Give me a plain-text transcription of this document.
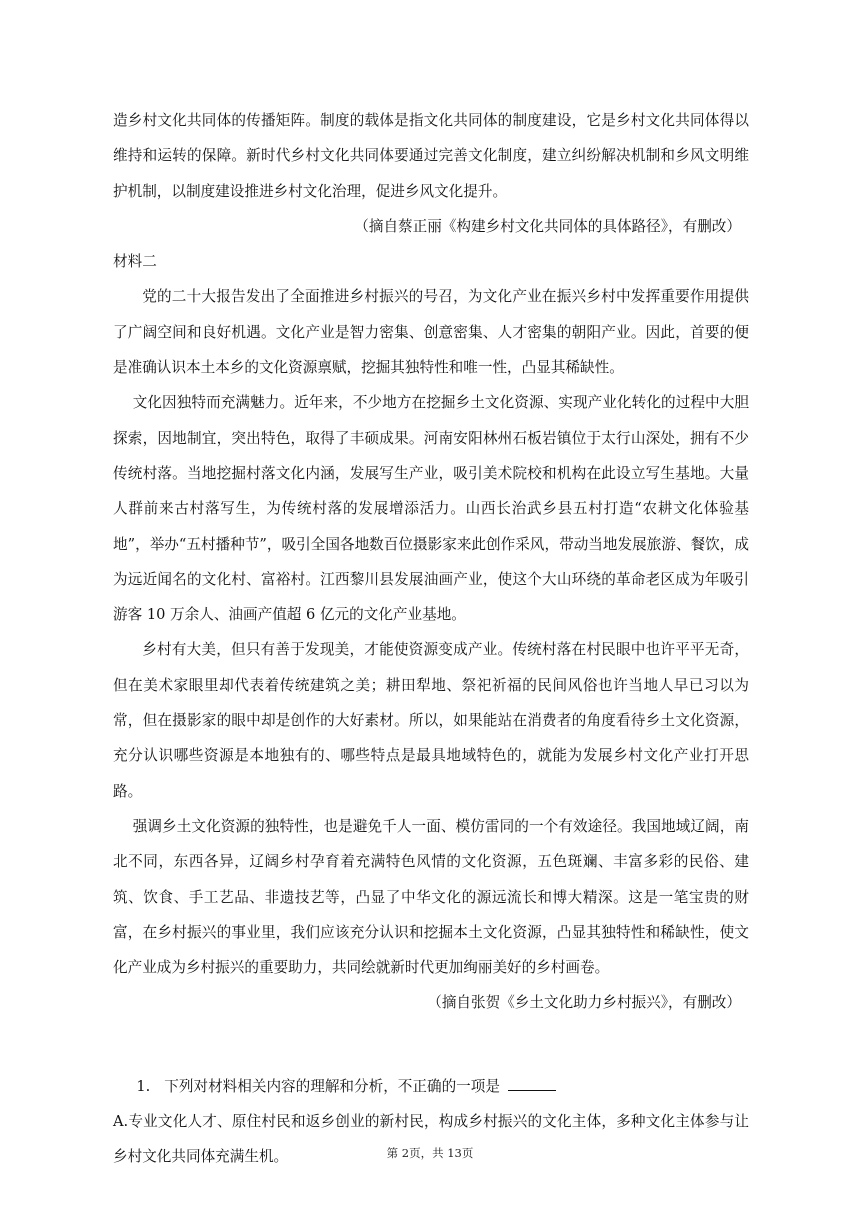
造乡村文化共同体的传播矩阵。制度的载体是指文化共同体的制度建设，它是乡村文化共同体得以维持和运转的保障。新时代乡村文化共同体要通过完善文化制度，建立纠纷解决机制和乡风文明维护机制，以制度建设推进乡村文化治理，促进乡风文化提升。

（摘自蔡正丽《构建乡村文化共同体的具体路径》，有删改）

材料二

党的二十大报告发出了全面推进乡村振兴的号召，为文化产业在振兴乡村中发挥重要作用提供了广阔空间和良好机遇。文化产业是智力密集、创意密集、人才密集的朝阳产业。因此，首要的便是准确认识本土本乡的文化资源禀赋，挖掘其独特性和唯一性，凸显其稀缺性。

文化因独特而充满魅力。近年来，不少地方在挖掘乡土文化资源、实现产业化转化的过程中大胆探索，因地制宜，突出特色，取得了丰硕成果。河南安阳林州石板岩镇位于太行山深处，拥有不少传统村落。当地挖掘村落文化内涵，发展写生产业，吸引美术院校和机构在此设立写生基地。大量人群前来古村落写生，为传统村落的发展增添活力。山西长治武乡县五村打造“农耕文化体验基地”，举办“五村播种节”，吸引全国各地数百位摄影家来此创作采风，带动当地发展旅游、餐饮，成为远近闻名的文化村、富裕村。江西黎川县发展油画产业，使这个大山环绕的革命老区成为年吸引游客 10 万余人、油画产值超 6 亿元的文化产业基地。

乡村有大美，但只有善于发现美，才能使资源变成产业。传统村落在村民眼中也许平平无奇，但在美术家眼里却代表着传统建筑之美；耕田犁地、祭祀祈福的民间风俗也许当地人早已习以为常，但在摄影家的眼中却是创作的大好素材。所以，如果能站在消费者的角度看待乡土文化资源，充分认识哪些资源是本地独有的、哪些特点是最具地域特色的，就能为发展乡村文化产业打开思路。

强调乡土文化资源的独特性，也是避免千人一面、模仿雷同的一个有效途径。我国地域辽阔，南北不同，东西各异，辽阔乡村孕育着充满特色风情的文化资源，五色斑斓、丰富多彩的民俗、建筑、饮食、手工艺品、非遗技艺等，凸显了中华文化的源远流长和博大精深。这是一笔宝贵的财富，在乡村振兴的事业里，我们应该充分认识和挖掘本土文化资源，凸显其独特性和稀缺性，使文化产业成为乡村振兴的重要助力，共同绘就新时代更加绚丽美好的乡村画卷。

（摘自张贺《乡土文化助力乡村振兴》，有删改）

1. 下列对材料相关内容的理解和分析，不正确的一项是

A.专业文化人才、原住村民和返乡创业的新村民，构成乡村振兴的文化主体，多种文化主体参与让乡村文化共同体充满生机。	第 2页，共 13页
